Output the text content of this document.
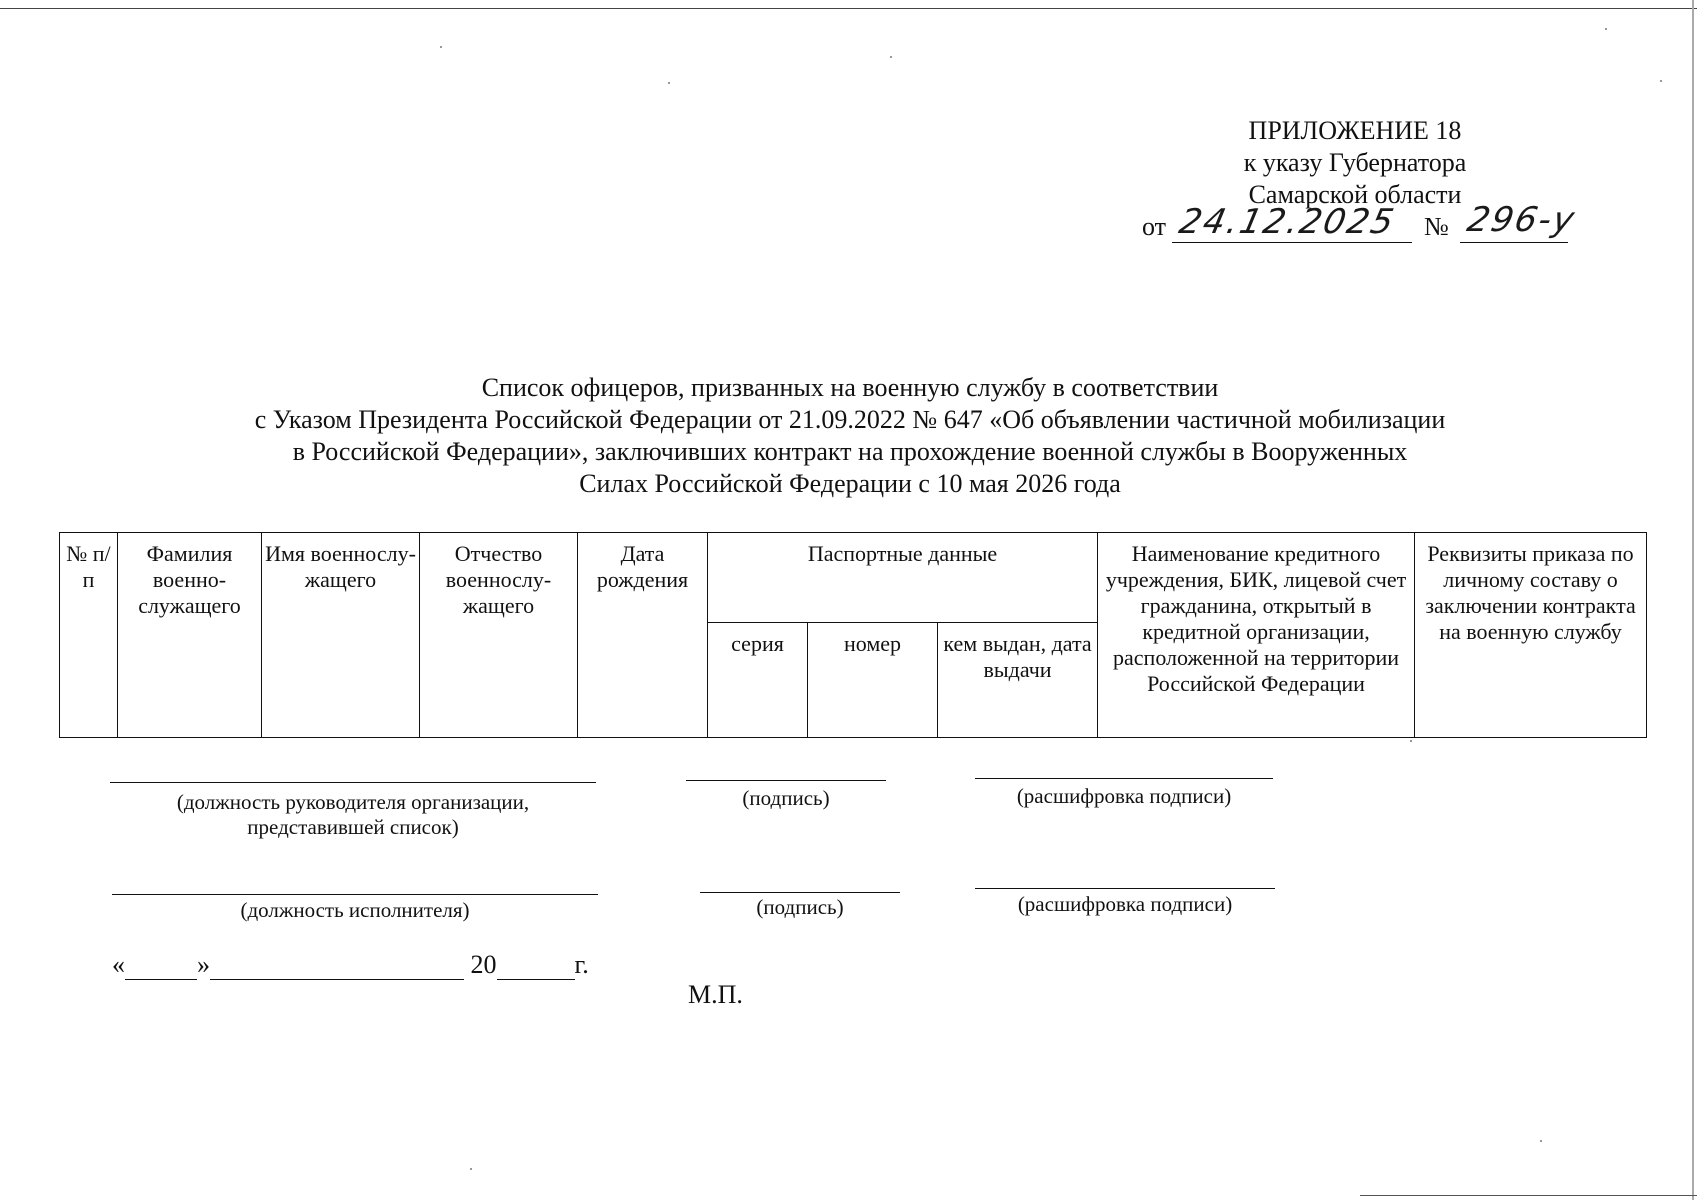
ПРИЛОЖЕНИЕ 18
к указу Губернатора
Самарской области
от 24.12.2025 № 296-у
Список офицеров, призванных на военную службу в соответствии
с Указом Президента Российской Федерации от 21.09.2022 № 647 «Об объявлении частичной мобилизации
в Российской Федерации», заключивших контракт на прохождение военной службы в Вооруженных
Силах Российской Федерации с 10 мая 2026 года
№ п/п	Фамилия военно-служащего	Имя военнослу-жащего	Отчество военнослу-жащего	Дата рождения	Паспортные данные			Наименование кредитного учреждения, БИК, лицевой счет гражданина, открытый в кредитной организации, расположенной на территории Российской Федерации	Реквизиты приказа по личному составу о заключении контракта на военную службу
					серия	номер	кем выдан, дата выдачи		
(должность руководителя организации,
представившей список)
(подпись)	(расшифровка подписи)
(должность исполнителя)	(подпись)	(расшифровка подписи)
«	»	20	г.
М.П.
